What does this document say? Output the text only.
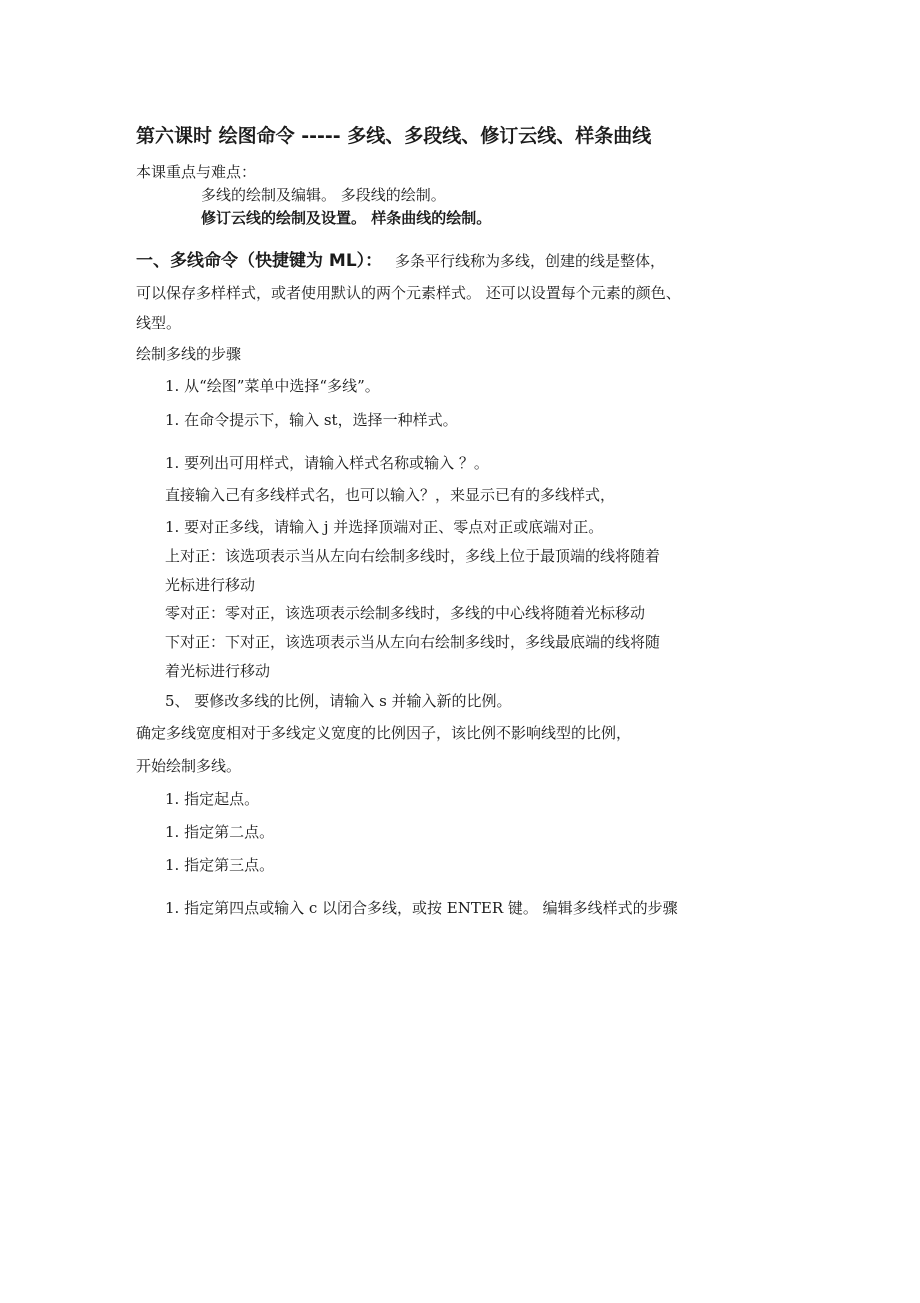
第六课时 绘图命令 ----- 多线、多段线、修订云线、样条曲线
本课重点与难点：
多线的绘制及编辑。 多段线的绘制。
修订云线的绘制及设置。 样条曲线的绘制。
一、多线命令（快捷键为 ML）： 多条平行线称为多线，创建的线是整体，
可以保存多样样式，或者使用默认的两个元素样式。 还可以设置每个元素的颜色、
线型。
绘制多线的步骤
1. 从“绘图”菜单中选择“多线”。
1. 在命令提示下，输入 st，选择一种样式。
1. 要列出可用样式，请输入样式名称或输入 ？。
直接输入己有多线样式名，也可以输入？，来显示已有的多线样式，
1. 要对正多线，请输入 j 并选择顶端对正、零点对正或底端对正。
上对正：该选项表示当从左向右绘制多线时，多线上位于最顶端的线将随着
光标进行移动
零对正：零对正，该选项表示绘制多线时，多线的中心线将随着光标移动
下对正：下对正，该选项表示当从左向右绘制多线时，多线最底端的线将随
着光标进行移动
5、 要修改多线的比例，请输入 s 并输入新的比例。
确定多线宽度相对于多线定义宽度的比例因子，该比例不影响线型的比例，
开始绘制多线。
1. 指定起点。
1. 指定第二点。
1. 指定第三点。
1. 指定第四点或输入 c 以闭合多线，或按 ENTER 键。 编辑多线样式的步骤
